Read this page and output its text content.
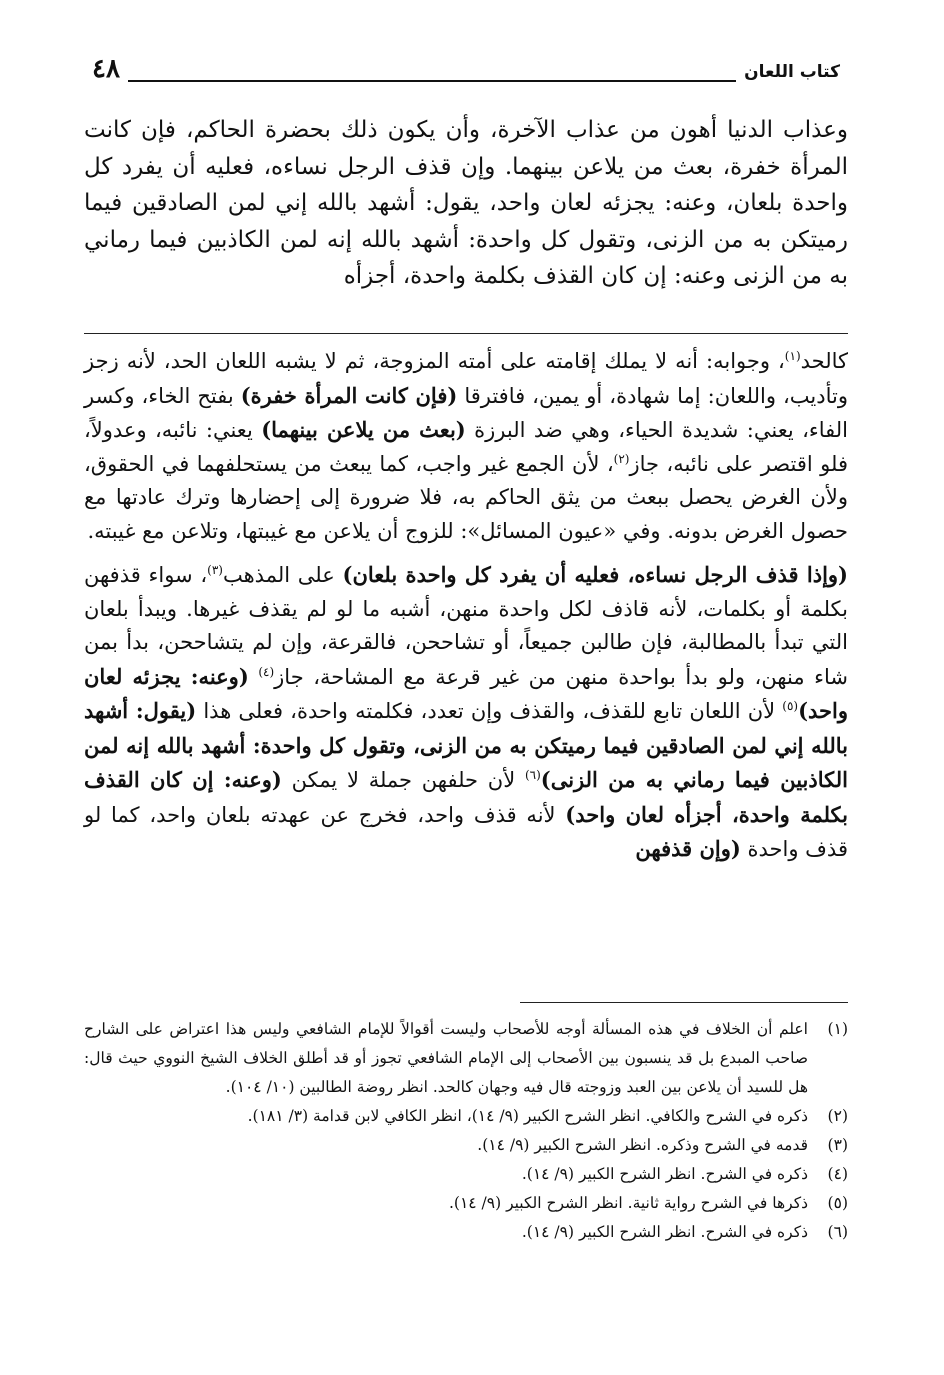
كتاب اللعان
٤٨

وعذاب الدنيا أهون من عذاب الآخرة، وأن يكون ذلك بحضرة الحاكم، فإن كانت المرأة خفرة، بعث من يلاعن بينهما. وإن قذف الرجل نساءه، فعليه أن يفرد كل واحدة بلعان، وعنه: يجزئه لعان واحد، يقول: أشهد بالله إني لمن الصادقين فيما رميتكن به من الزنى، وتقول كل واحدة: أشهد بالله إنه لمن الكاذبين فيما رماني به من الزنى وعنه: إن كان القذف بكلمة واحدة، أجزأه

كالحد$^{(١)}$، وجوابه: أنه لا يملك إقامته على أمته المزوجة، ثم لا يشبه اللعان الحد، لأنه زجز وتأديب، واللعان: إما شهادة، أو يمين، فافترقا (فإن كانت المرأة خفرة) بفتح الخاء، وكسر الفاء، يعني: شديدة الحياء، وهي ضد البرزة (بعث من يلاعن بينهما) يعني: نائبه، وعدولاً، فلو اقتصر على نائبه، جاز$^{(٢)}$، لأن الجمع غير واجب، كما يبعث من يستحلفهما في الحقوق، ولأن الغرض يحصل ببعث من يثق الحاكم به، فلا ضرورة إلى إحضارها وترك عادتها مع حصول الغرض بدونه. وفي «عيون المسائل»: للزوج أن يلاعن مع غيبتها، وتلاعن مع غيبته.

(وإذا قذف الرجل نساءه، فعليه أن يفرد كل واحدة بلعان) على المذهب$^{(٣)}$، سواء قذفهن بكلمة أو بكلمات، لأنه قاذف لكل واحدة منهن، أشبه ما لو لم يقذف غيرها. ويبدأ بلعان التي تبدأ بالمطالبة، فإن طالبن جميعاً، أو تشاححن، فالقرعة، وإن لم يتشاححن، بدأ بمن شاء منهن، ولو بدأ بواحدة منهن من غير قرعة مع المشاحة، جاز$^{(٤)}$ (وعنه: يجزئه لعان واحد)$^{(٥)}$ لأن اللعان تابع للقذف، والقذف وإن تعدد، فكلمته واحدة، فعلى هذا (يقول: أشهد بالله إني لمن الصادقين فيما رميتكن به من الزنى، وتقول كل واحدة: أشهد بالله إنه لمن الكاذبين فيما رماني به من الزنى)$^{(٦)}$ لأن حلفهن جملة لا يمكن (وعنه: إن كان القذف بكلمة واحدة، أجزأه لعان واحد) لأنه قذف واحد، فخرج عن عهدته بلعان واحد، كما لو قذف واحدة (وإن قذفهن

(١)
اعلم أن الخلاف في هذه المسألة أوجه للأصحاب وليست أقوالاً للإمام الشافعي وليس هذا اعتراض على الشارح صاحب المبدع بل قد ينسبون بين الأصحاب إلى الإمام الشافعي تجوز أو قد أطلق الخلاف الشيخ النووي حيث قال: هل للسيد أن يلاعن بين العبد وزوجته قال فيه وجهان كالحد. انظر روضة الطالبين (١٠/ ١٠٤).
(٢)
ذكره في الشرح والكافي. انظر الشرح الكبير (٩/ ١٤)، انظر الكافي لابن قدامة (٣/ ١٨١).
(٣)
قدمه في الشرح وذكره. انظر الشرح الكبير (٩/ ١٤).
(٤)
ذكره في الشرح. انظر الشرح الكبير (٩/ ١٤).
(٥)
ذكرها في الشرح رواية ثانية. انظر الشرح الكبير (٩/ ١٤).
(٦)
ذكره في الشرح. انظر الشرح الكبير (٩/ ١٤).
